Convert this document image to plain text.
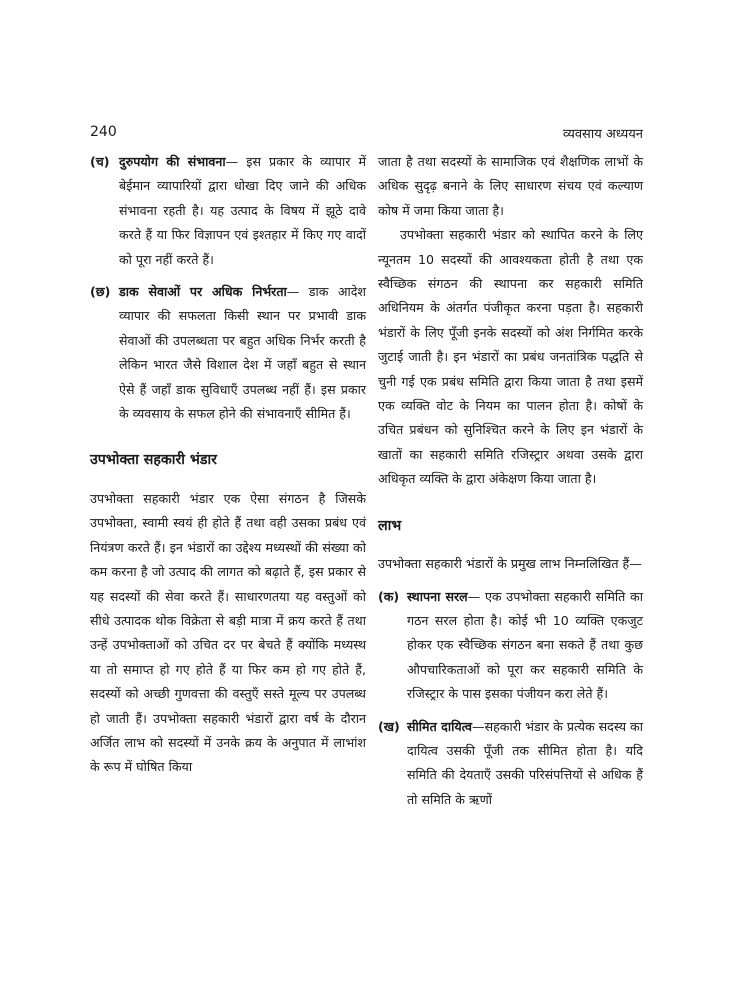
240	व्यवसाय अध्ययन

(च) दुरुपयोग की संभावना— इस प्रकार के व्यापार में बेईमान व्यापारियों द्वारा धोखा दिए जाने की अधिक संभावना रहती है। यह उत्पाद के विषय में झूठे दावे करते हैं या फिर विज्ञापन एवं इश्तहार में किए गए वादों को पूरा नहीं करते हैं।

(छ) डाक सेवाओं पर अधिक निर्भरता— डाक आदेश व्यापार की सफलता किसी स्थान पर प्रभावी डाक सेवाओं की उपलब्धता पर बहुत अधिक निर्भर करती है लेकिन भारत जैसे विशाल देश में जहाँ बहुत से स्थान ऐसे हैं जहाँ डाक सुविधाएँ उपलब्ध नहीं हैं। इस प्रकार के व्यवसाय के सफल होने की संभावनाएँ सीमित हैं।

उपभोक्ता सहकारी भंडार

उपभोक्ता सहकारी भंडार एक ऐसा संगठन है जिसके उपभोक्ता, स्वामी स्वयं ही होते हैं तथा वही उसका प्रबंध एवं नियंत्रण करते हैं। इन भंडारों का उद्देश्य मध्यस्थों की संख्या को कम करना है जो उत्पाद की लागत को बढ़ाते हैं, इस प्रकार से यह सदस्यों की सेवा करते हैं। साधारणतया यह वस्तुओं को सीधे उत्पादक थोक विक्रेता से बड़ी मात्रा में क्रय करते हैं तथा उन्हें उपभोक्ताओं को उचित दर पर बेचते हैं क्योंकि मध्यस्थ या तो समाप्त हो गए होते हैं या फिर कम हो गए होते हैं, सदस्यों को अच्छी गुणवत्ता की वस्तुएँ सस्ते मूल्य पर उपलब्ध हो जाती हैं। उपभोक्ता सहकारी भंडारों द्वारा वर्ष के दौरान अर्जित लाभ को सदस्यों में उनके क्रय के अनुपात में लाभांश के रूप में घोषित किया

जाता है तथा सदस्यों के सामाजिक एवं शैक्षणिक लाभों के अधिक सुदृढ़ बनाने के लिए साधारण संचय एवं कल्याण कोष में जमा किया जाता है।

उपभोक्ता सहकारी भंडार को स्थापित करने के लिए न्यूनतम 10 सदस्यों की आवश्यकता होती है तथा एक स्वैच्छिक संगठन की स्थापना कर सहकारी समिति अधिनियम के अंतर्गत पंजीकृत करना पड़ता है। सहकारी भंडारों के लिए पूँजी इनके सदस्यों को अंश निर्गमित करके जुटाई जाती है। इन भंडारों का प्रबंध जनतांत्रिक पद्धति से चुनी गई एक प्रबंध समिति द्वारा किया जाता है तथा इसमें एक व्यक्ति वोट के नियम का पालन होता है। कोषों के उचित प्रबंधन को सुनिश्चित करने के लिए इन भंडारों के खातों का सहकारी समिति रजिस्ट्रार अथवा उसके द्वारा अधिकृत व्यक्ति के द्वारा अंकेक्षण किया जाता है।

लाभ

उपभोक्ता सहकारी भंडारों के प्रमुख लाभ निम्नलिखित हैं—

(क) स्थापना सरल— एक उपभोक्ता सहकारी समिति का गठन सरल होता है। कोई भी 10 व्यक्ति एकजुट होकर एक स्वैच्छिक संगठन बना सकते हैं तथा कुछ औपचारिकताओं को पूरा कर सहकारी समिति के रजिस्ट्रार के पास इसका पंजीयन करा लेते हैं।

(ख) सीमित दायित्व—सहकारी भंडार के प्रत्येक सदस्य का दायित्व उसकी पूँजी तक सीमित होता है। यदि समिति की देयताएँ उसकी परिसंपत्तियों से अधिक हैं तो समिति के ऋणों
